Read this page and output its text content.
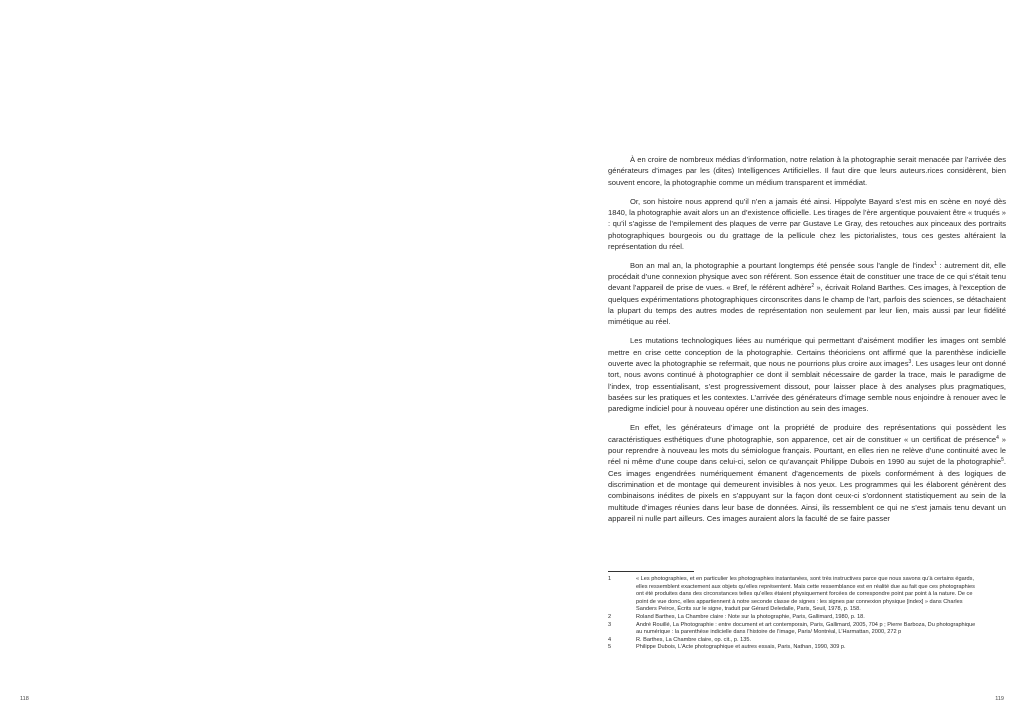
118

À en croire de nombreux médias d’information, notre relation à la photographie serait menacée par l’arrivée des générateurs d’images par les (dites) Intelligences Artificielles. Il faut dire que leurs auteurs.rices considèrent, bien souvent encore, la photographie comme un médium transparent et immédiat.

Or, son histoire nous apprend qu’il n’en a jamais été ainsi. Hippolyte Bayard s’est mis en scène en noyé dès 1840, la photographie avait alors un an d’existence officielle. Les tirages de l’ère argentique pouvaient être « truqués » : qu’il s’agisse de l’empilement des plaques de verre par Gustave Le Gray, des retouches aux pinceaux des portraits photographiques bourgeois ou du grattage de la pellicule chez les pictorialistes, tous ces gestes altéraient la représentation du réel.

Bon an mal an, la photographie a pourtant longtemps été pensée sous l’angle de l’index$^1$ : autrement dit, elle procédait d’une connexion physique avec son référent. Son essence était de constituer une trace de ce qui s’était tenu devant l’appareil de prise de vues. « Bref, le référent adhère$^2$ », écrivait Roland Barthes. Ces images, à l’exception de quelques expérimentations photographiques circonscrites dans le champ de l’art, parfois des sciences, se détachaient la plupart du temps des autres modes de représentation non seulement par leur lien, mais aussi par leur fidélité mimétique au réel.

Les mutations technologiques liées au numérique qui permettant d’aisément modifier les images ont semblé mettre en crise cette conception de la photographie. Certains théoriciens ont affirmé que la parenthèse indicielle ouverte avec la photographie se refermait, que nous ne pourrions plus croire aux images$^3$. Les usages leur ont donné tort, nous avons continué à photographier ce dont il semblait nécessaire de garder la trace, mais le paradigme de l’index, trop essentialisant, s’est progressivement dissout, pour laisser place à des analyses plus pragmatiques, basées sur les pratiques et les contextes. L’arrivée des générateurs d’image semble nous enjoindre à renouer avec le paredigme indiciel pour à nouveau opérer une distinction au sein des images.

En effet, les générateurs d’image ont la propriété de produire des représentations qui possèdent les caractéristiques esthétiques d’une photographie, son apparence, cet air de constituer « un certificat de présence$^4$ » pour reprendre à nouveau les mots du sémiologue français. Pourtant, en elles rien ne relève d’une continuité avec le réel ni même d’une coupe dans celui-ci, selon ce qu’avançait Philippe Dubois en 1990 au sujet de la photographie$^5$. Ces images engendrées numériquement émanent d’agencements de pixels conformément à des logiques de discrimination et de montage qui demeurent invisibles à nos yeux. Les programmes qui les élaborent génèrent des combinaisons inédites de pixels en s’appuyant sur la façon dont ceux-ci s’ordonnent statistiquement au sein de la multitude d’images réunies dans leur base de données. Ainsi, ils ressemblent ce qui ne s’est jamais tenu devant un appareil ni nulle part ailleurs. Ces images auraient alors la faculté de se faire passer

1	« Les photographies, et en particulier les photographies instantanées, sont très instructives parce que nous savons qu’à certains égards, elles ressemblent exactement aux objets qu’elles représentent. Mais cette ressemblance est en réalité due au fait que ces photographies ont été produites dans des circonstances telles qu’elles étaient physiquement forcées de correspondre point par point à la nature. De ce point de vue donc, elles appartiennent à notre seconde classe de signes : les signes par connexion physique [index] » dans Charles Sanders Peirce, Écrits sur le signe, traduit par Gérard Deledalle, Paris, Seuil, 1978, p. 158.
2	Roland Barthes, La Chambre claire : Note sur la photographie, Paris, Gallimard, 1980, p. 18.
3	André Rouillé, La Photographie : entre document et art contemporain, Paris, Gallimard, 2005, 704 p ; Pierre Barboza, Du photographique au numérique : la parenthèse indicielle dans l’histoire de l’image, Paris/ Montréal, L’Harmattan, 2000, 272 p
4	R. Barthes, La Chambre claire, op. cit., p. 135.
5	Philippe Dubois, L’Acte photographique et autres essais, Paris, Nathan, 1990, 309 p.
119
